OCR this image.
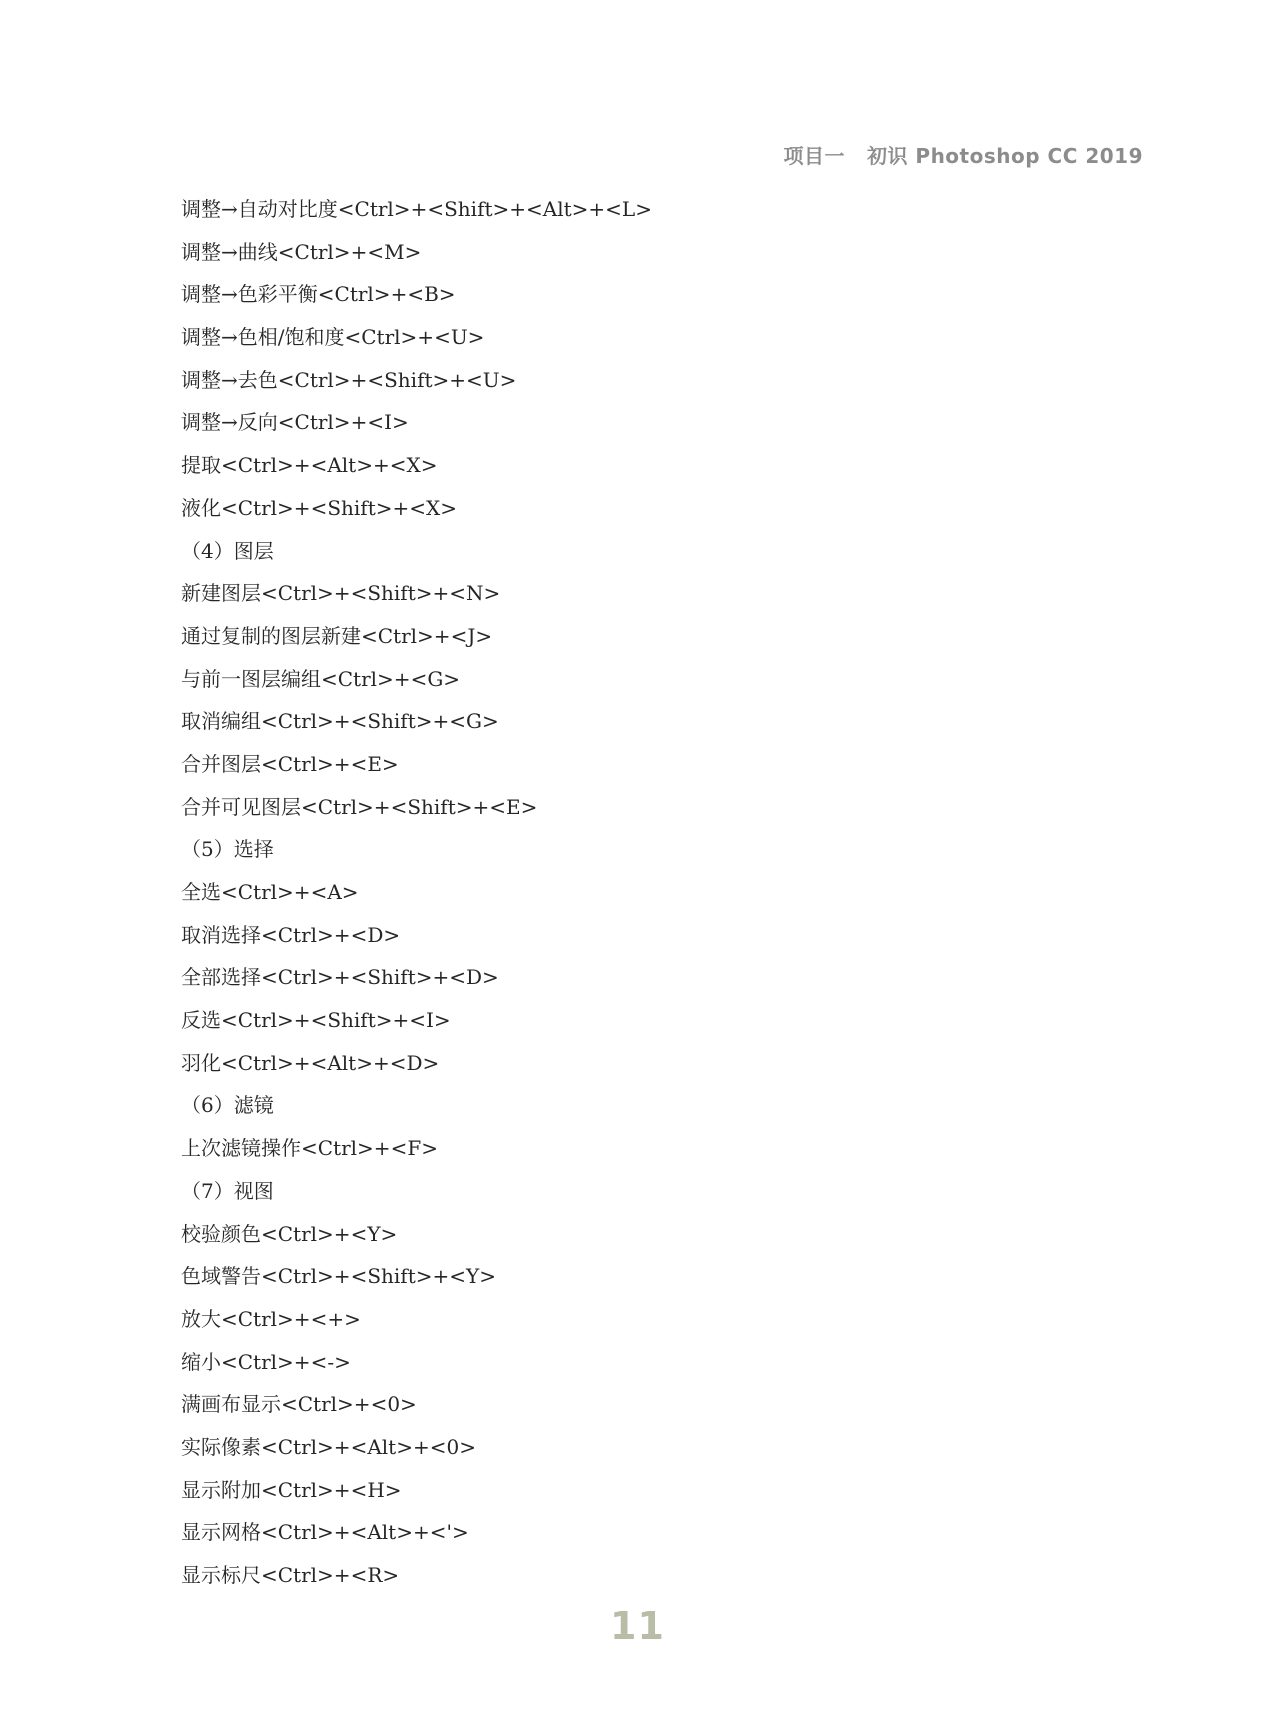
项目一 初识 Photoshop CC 2019
调整→自动对比度<Ctrl>+<Shift>+<Alt>+<L>
调整→曲线<Ctrl>+<M>
调整→色彩平衡<Ctrl>+<B>
调整→色相/饱和度<Ctrl>+<U>
调整→去色<Ctrl>+<Shift>+<U>
调整→反向<Ctrl>+<I>
提取<Ctrl>+<Alt>+<X>
液化<Ctrl>+<Shift>+<X>
（4）图层
新建图层<Ctrl>+<Shift>+<N>
通过复制的图层新建<Ctrl>+<J>
与前一图层编组<Ctrl>+<G>
取消编组<Ctrl>+<Shift>+<G>
合并图层<Ctrl>+<E>
合并可见图层<Ctrl>+<Shift>+<E>
（5）选择
全选<Ctrl>+<A>
取消选择<Ctrl>+<D>
全部选择<Ctrl>+<Shift>+<D>
反选<Ctrl>+<Shift>+<I>
羽化<Ctrl>+<Alt>+<D>
（6）滤镜
上次滤镜操作<Ctrl>+<F>
（7）视图
校验颜色<Ctrl>+<Y>
色域警告<Ctrl>+<Shift>+<Y>
放大<Ctrl>+<+>
缩小<Ctrl>+<->
满画布显示<Ctrl>+<0>
实际像素<Ctrl>+<Alt>+<0>
显示附加<Ctrl>+<H>
显示网格<Ctrl>+<Alt>+<'>
显示标尺<Ctrl>+<R>
11
